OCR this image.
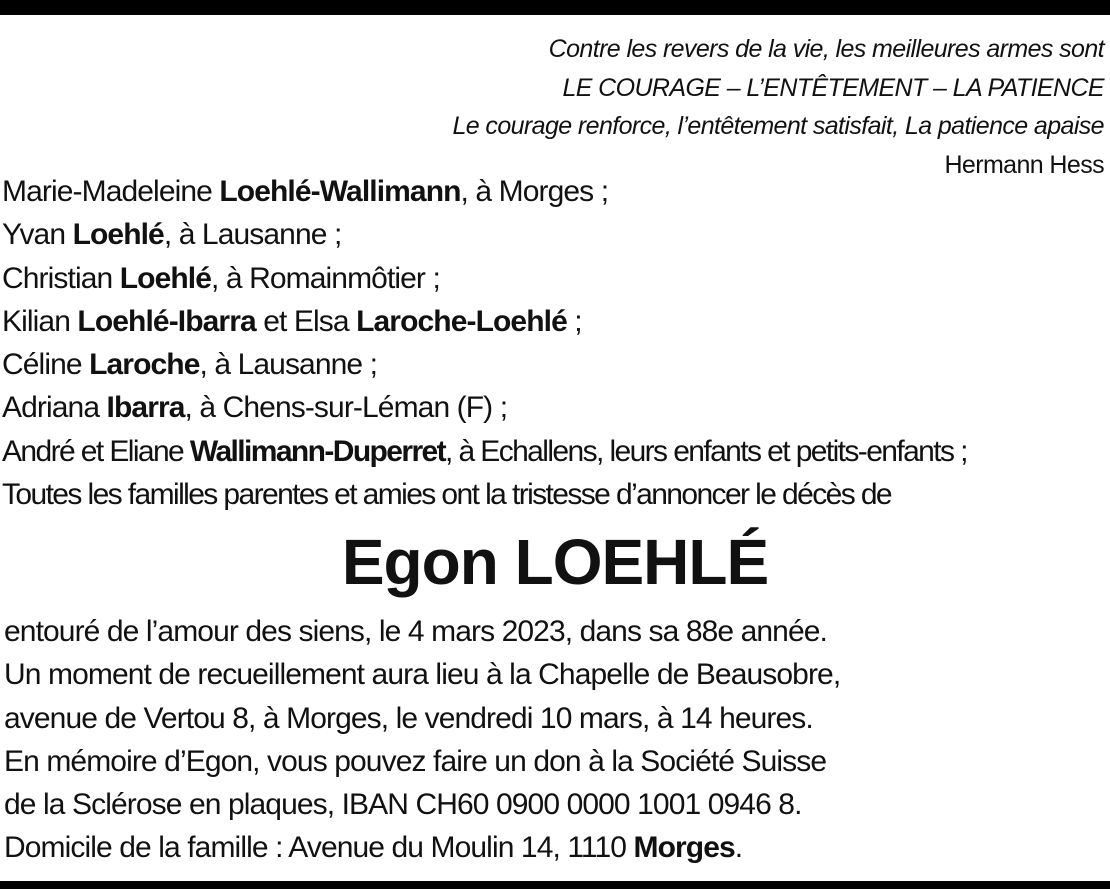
Contre les revers de la vie, les meilleures armes sont
LE COURAGE – L’ENTÊTEMENT – LA PATIENCE
Le courage renforce, l’entêtement satisfait, La patience apaise
Hermann Hess
Marie-Madeleine Loehlé-Wallimann, à Morges ;
Yvan Loehlé, à Lausanne ;
Christian Loehlé, à Romainmôtier ;
Kilian Loehlé-Ibarra et Elsa Laroche-Loehlé ;
Céline Laroche, à Lausanne ;
Adriana Ibarra, à Chens-sur-Léman (F) ;
André et Eliane Wallimann-Duperret, à Echallens, leurs enfants et petits-enfants ;
Toutes les familles parentes et amies ont la tristesse d’annoncer le décès de
Egon LOEHLÉ
entouré de l’amour des siens, le 4 mars 2023, dans sa 88e année.
Un moment de recueillement aura lieu à la Chapelle de Beausobre,
avenue de Vertou 8, à Morges, le vendredi 10 mars, à 14 heures.
En mémoire d’Egon, vous pouvez faire un don à la Société Suisse
de la Sclérose en plaques, IBAN CH60 0900 0000 1001 0946 8.
Domicile de la famille : Avenue du Moulin 14, 1110 Morges.
